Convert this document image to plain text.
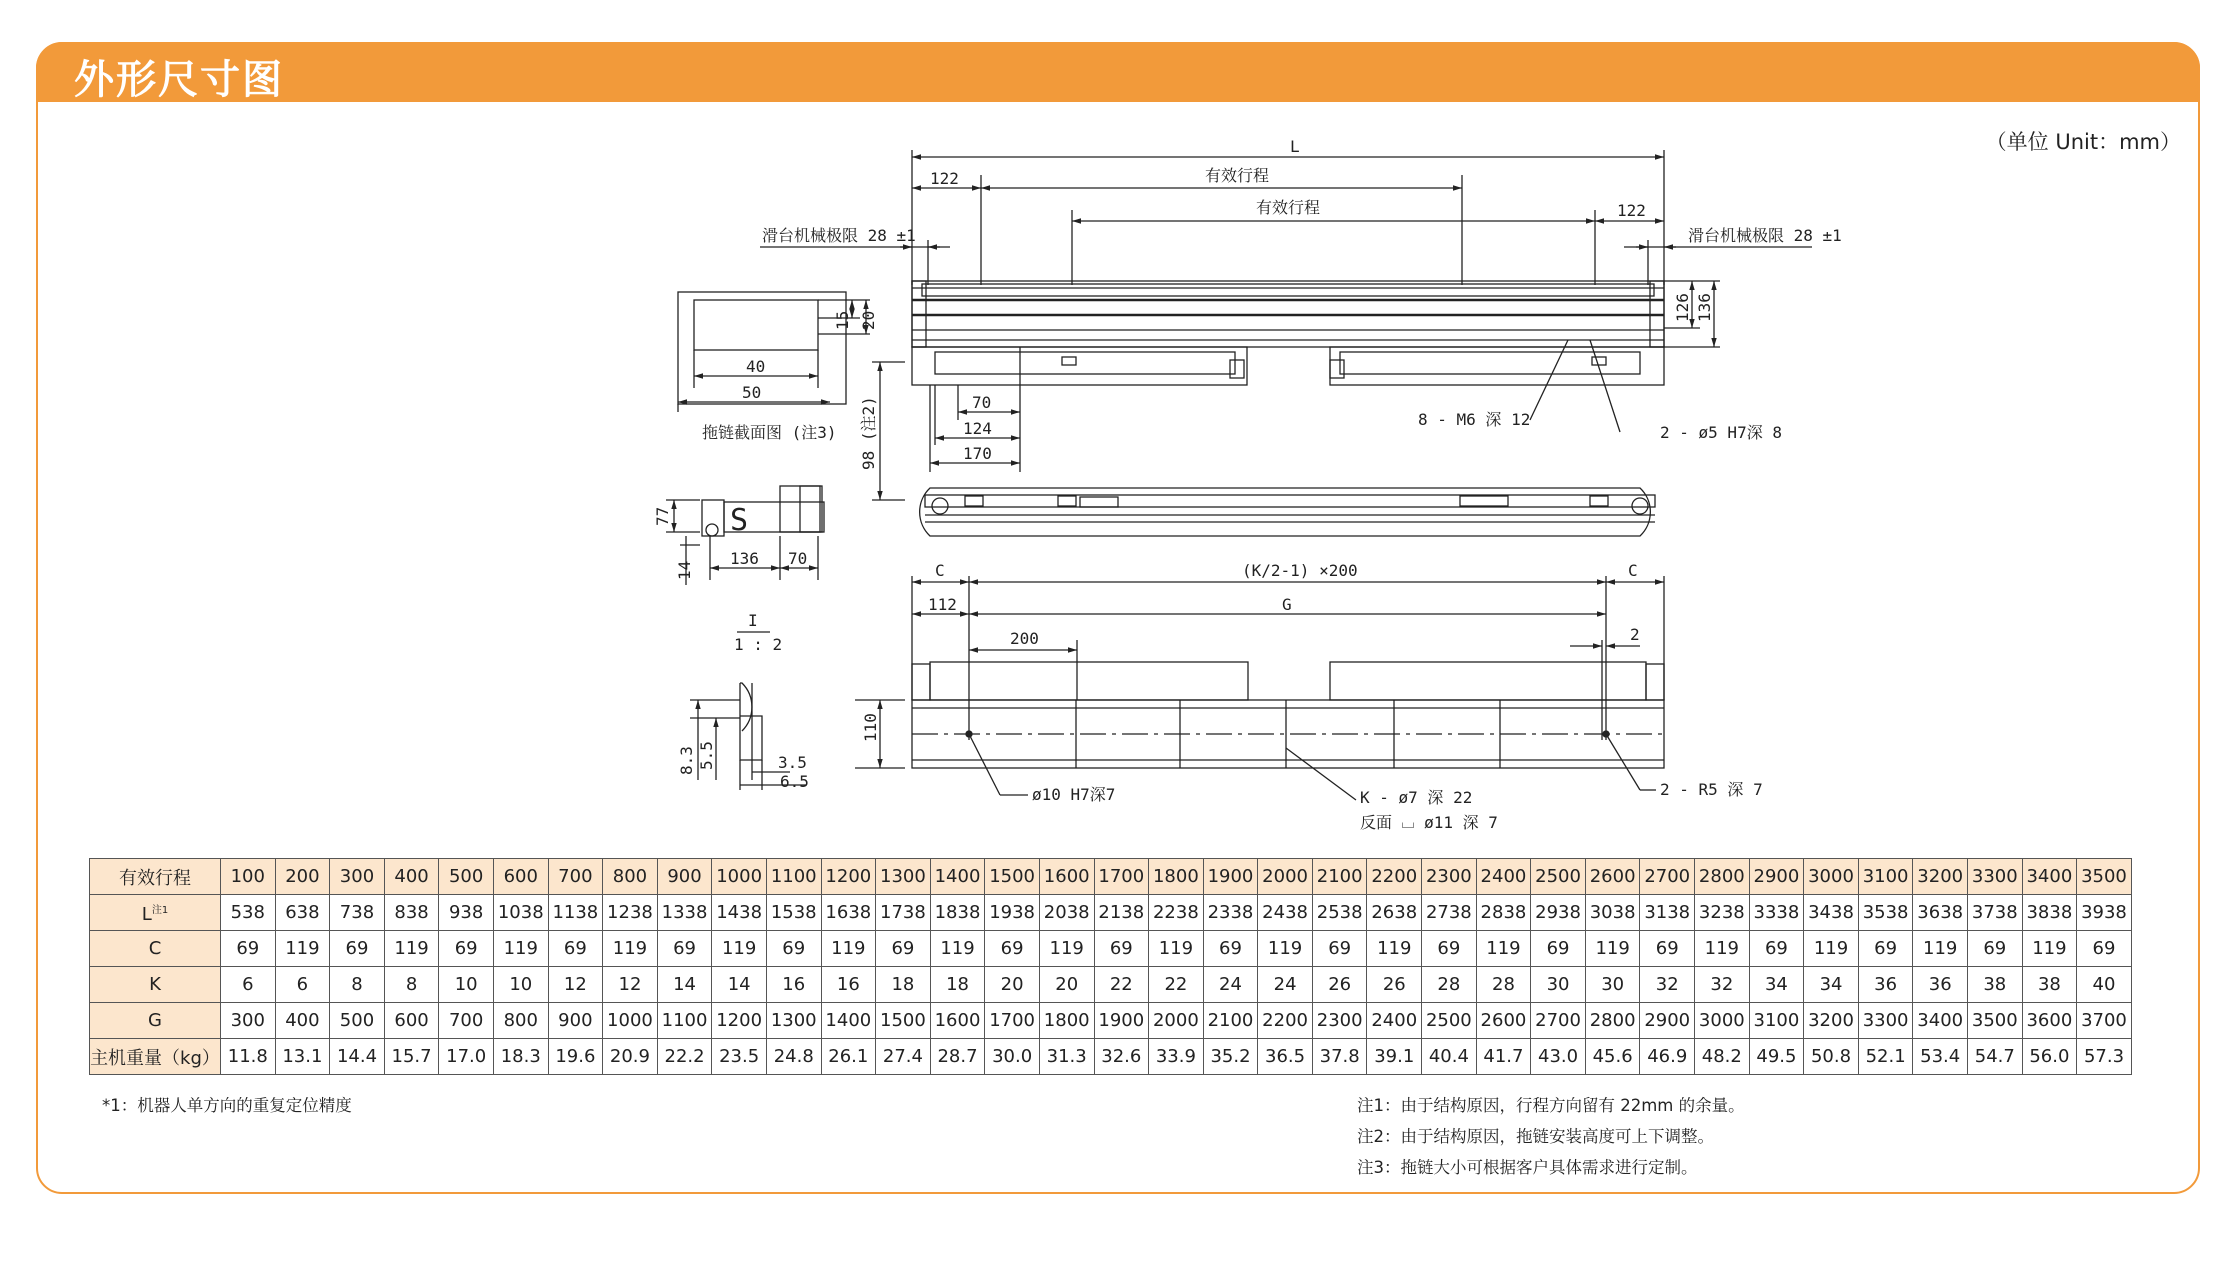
外形尺寸图
（单位 Unit：mm）
L
有效行程
有效行程
122
122
滑台机械极限 28 ±1	滑台机械极限 28 ±1
126 136
70
124
170
98 (注2)	8 - M6 深 12
2 - ø5 H7深 8
15 20
40
50
拖链截面图 (注3)
77
14
136 70
S
I
1 : 2
8.3 5.5	3.5
6.5
C	C
(K/2-1) ×200
112	G
200	2
110
ø10 H7深7	K - ø7 深 22
反面 ⌴ ø11 深 7
2 - R5 深 7
有效行程	100	200	300	400	500	600	700	800	900	1000	1100	1200	1300	1400	1500	1600	1700	1800	1900	2000	2100	2200	2300	2400	2500	2600	2700	2800	2900	3000	3100	3200	3300	3400	3500
$L^{注1}$	538	638	738	838	938	1038	1138	1238	1338	1438	1538	1638	1738	1838	1938	2038	2138	2238	2338	2438	2538	2638	2738	2838	2938	3038	3138	3238	3338	3438	3538	3638	3738	3838	3938
C	69	119	69	119	69	119	69	119	69	119	69	119	69	119	69	119	69	119	69	119	69	119	69	119	69	119	69	119	69	119	69	119	69	119	69
K	6	6	8	8	10	10	12	12	14	14	16	16	18	18	20	20	22	22	24	24	26	26	28	28	30	30	32	32	34	34	36	36	38	38	40
G	300	400	500	600	700	800	900	1000	1100	1200	1300	1400	1500	1600	1700	1800	1900	2000	2100	2200	2300	2400	2500	2600	2700	2800	2900	3000	3100	3200	3300	3400	3500	3600	3700
主机重量（kg）	11.8	13.1	14.4	15.7	17.0	18.3	19.6	20.9	22.2	23.5	24.8	26.1	27.4	28.7	30.0	31.3	32.6	33.9	35.2	36.5	37.8	39.1	40.4	41.7	43.0	45.6	46.9	48.2	49.5	50.8	52.1	53.4	54.7	56.0	57.3
*1：机器人单方向的重复定位精度	注1：由于结构原因，行程方向留有 22mm 的余量。
注2：由于结构原因，拖链安装高度可上下调整。
注3：拖链大小可根据客户具体需求进行定制。
